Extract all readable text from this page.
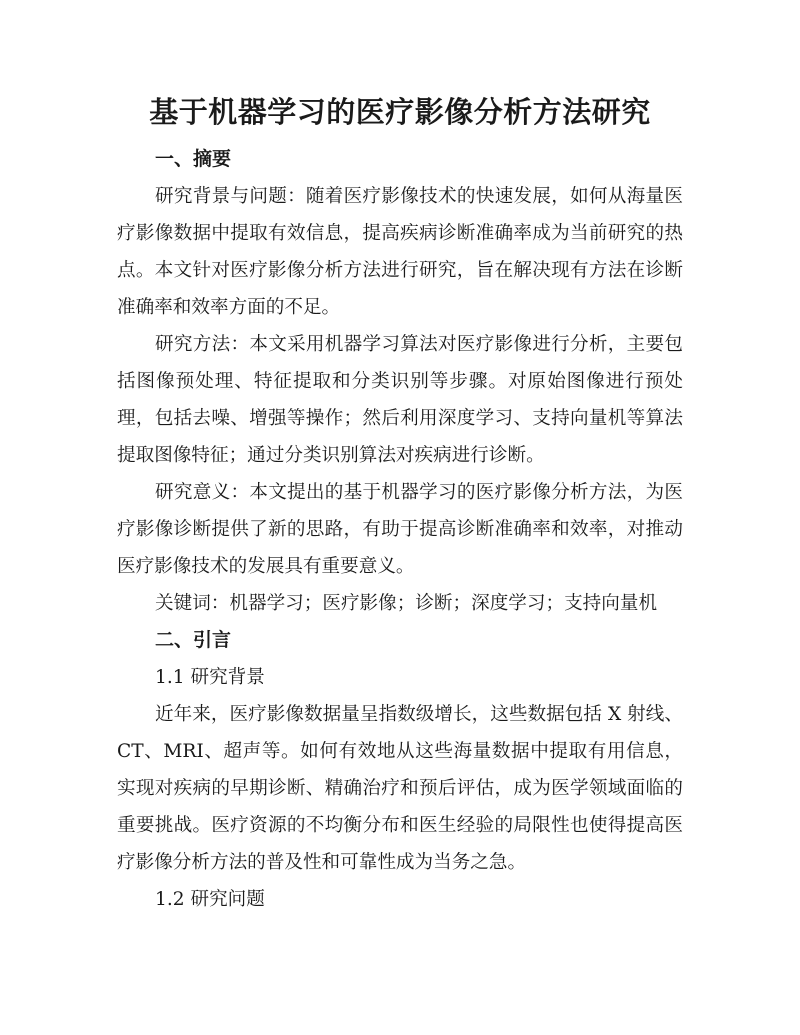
基于机器学习的医疗影像分析方法研究

一、摘要

研究背景与问题：随着医疗影像技术的快速发展，如何从海量医疗影像数据中提取有效信息，提高疾病诊断准确率成为当前研究的热点。本文针对医疗影像分析方法进行研究，旨在解决现有方法在诊断准确率和效率方面的不足。

研究方法：本文采用机器学习算法对医疗影像进行分析，主要包括图像预处理、特征提取和分类识别等步骤。对原始图像进行预处理，包括去噪、增强等操作；然后利用深度学习、支持向量机等算法提取图像特征；通过分类识别算法对疾病进行诊断。

研究意义：本文提出的基于机器学习的医疗影像分析方法，为医疗影像诊断提供了新的思路，有助于提高诊断准确率和效率，对推动医疗影像技术的发展具有重要意义。

关键词：机器学习；医疗影像；诊断；深度学习；支持向量机

二、引言

1.1 研究背景

近年来，医疗影像数据量呈指数级增长，这些数据包括 X 射线、CT、MRI、超声等。如何有效地从这些海量数据中提取有用信息，实现对疾病的早期诊断、精确治疗和预后评估，成为医学领域面临的重要挑战。医疗资源的不均衡分布和医生经验的局限性也使得提高医疗影像分析方法的普及性和可靠性成为当务之急。

1.2 研究问题
